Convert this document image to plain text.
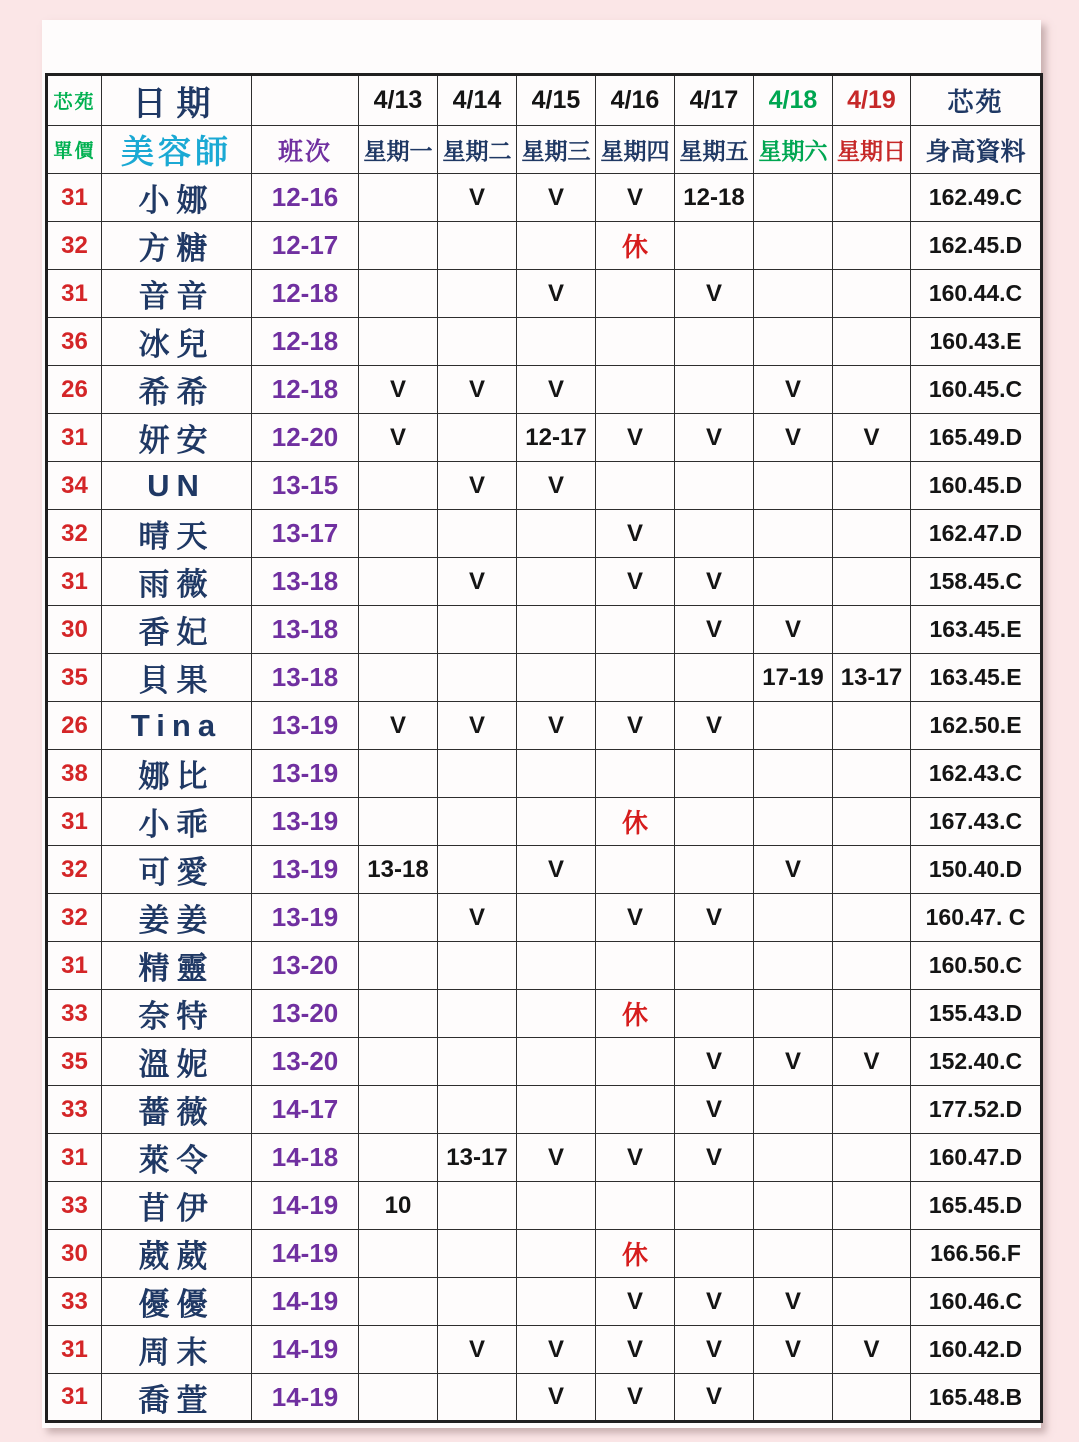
芯苑	日期		4/13	4/14	4/15	4/16	4/17	4/18	4/19	芯苑
單價	美容師	班次	星期一	星期二	星期三	星期四	星期五	星期六	星期日	身高資料
31	小娜	12-16		V	V	V	12-18			162.49.C
32	方糖	12-17				休				162.45.D
31	音音	12-18			V		V			160.44.C
36	冰兒	12-18								160.43.E
26	希希	12-18	V	V	V			V		160.45.C
31	妍安	12-20	V		12-17	V	V	V	V	165.49.D
34	UN	13-15		V	V					160.45.D
32	晴天	13-17				V				162.47.D
31	雨薇	13-18		V		V	V			158.45.C
30	香妃	13-18					V	V		163.45.E
35	貝果	13-18						17-19	13-17	163.45.E
26	Tina	13-19	V	V	V	V	V			162.50.E
38	娜比	13-19								162.43.C
31	小乖	13-19				休				167.43.C
32	可愛	13-19	13-18		V			V		150.40.D
32	姜姜	13-19		V		V	V			160.47. C
31	精靈	13-20								160.50.C
33	奈特	13-20				休				155.43.D
35	溫妮	13-20					V	V	V	152.40.C
33	薔薇	14-17					V			177.52.D
31	萊令	14-18		13-17	V	V	V			160.47.D
33	苜伊	14-19	10							165.45.D
30	葳葳	14-19				休				166.56.F
33	優優	14-19				V	V	V		160.46.C
31	周末	14-19		V	V	V	V	V	V	160.42.D
31	喬萱	14-19			V	V	V			165.48.B
